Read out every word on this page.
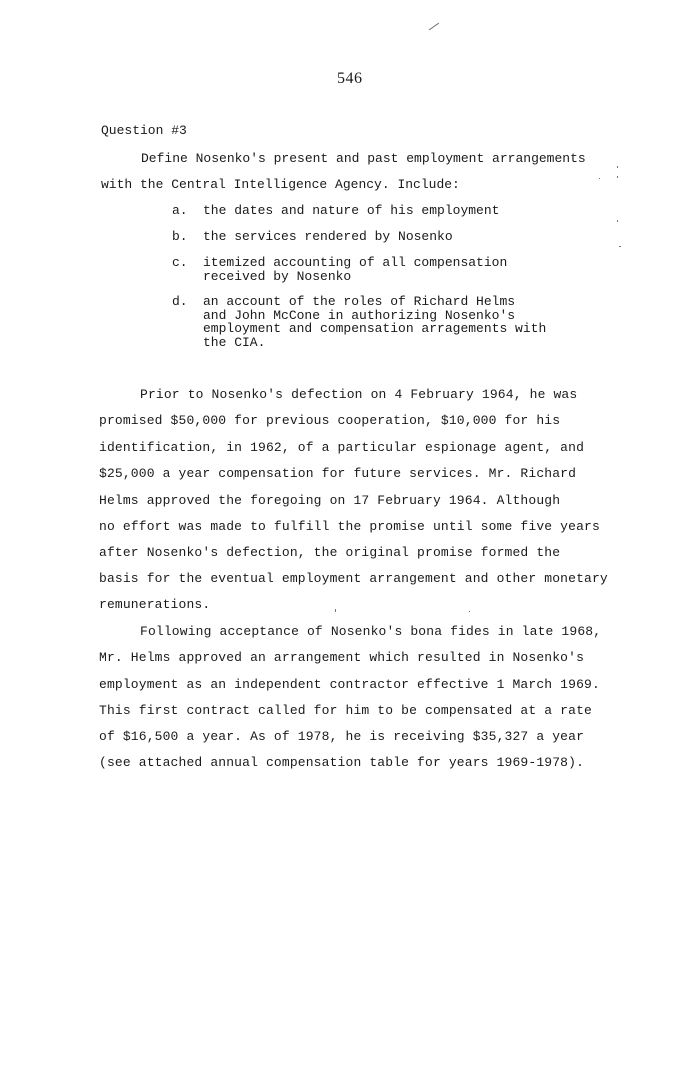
546
Question #3
Define Nosenko's present and past employment arrangements
with the Central Intelligence Agency. Include:
a. the dates and nature of his employment
b. the services rendered by Nosenko
c. itemized accounting of all compensation
received by Nosenko
d. an account of the roles of Richard Helms
and John McCone in authorizing Nosenko's
employment and compensation arragements with
the CIA.
Prior to Nosenko's defection on 4 February 1964, he was
promised $50,000 for previous cooperation, $10,000 for his
identification, in 1962, of a particular espionage agent, and
$25,000 a year compensation for future services. Mr. Richard
Helms approved the foregoing on 17 February 1964. Although
no effort was made to fulfill the promise until some five years
after Nosenko's defection, the original promise formed the
basis for the eventual employment arrangement and other monetary
remunerations.
Following acceptance of Nosenko's bona fides in late 1968,
Mr. Helms approved an arrangement which resulted in Nosenko's
employment as an independent contractor effective 1 March 1969.
This first contract called for him to be compensated at a rate
of $16,500 a year. As of 1978, he is receiving $35,327 a year
(see attached annual compensation table for years 1969-1978).
